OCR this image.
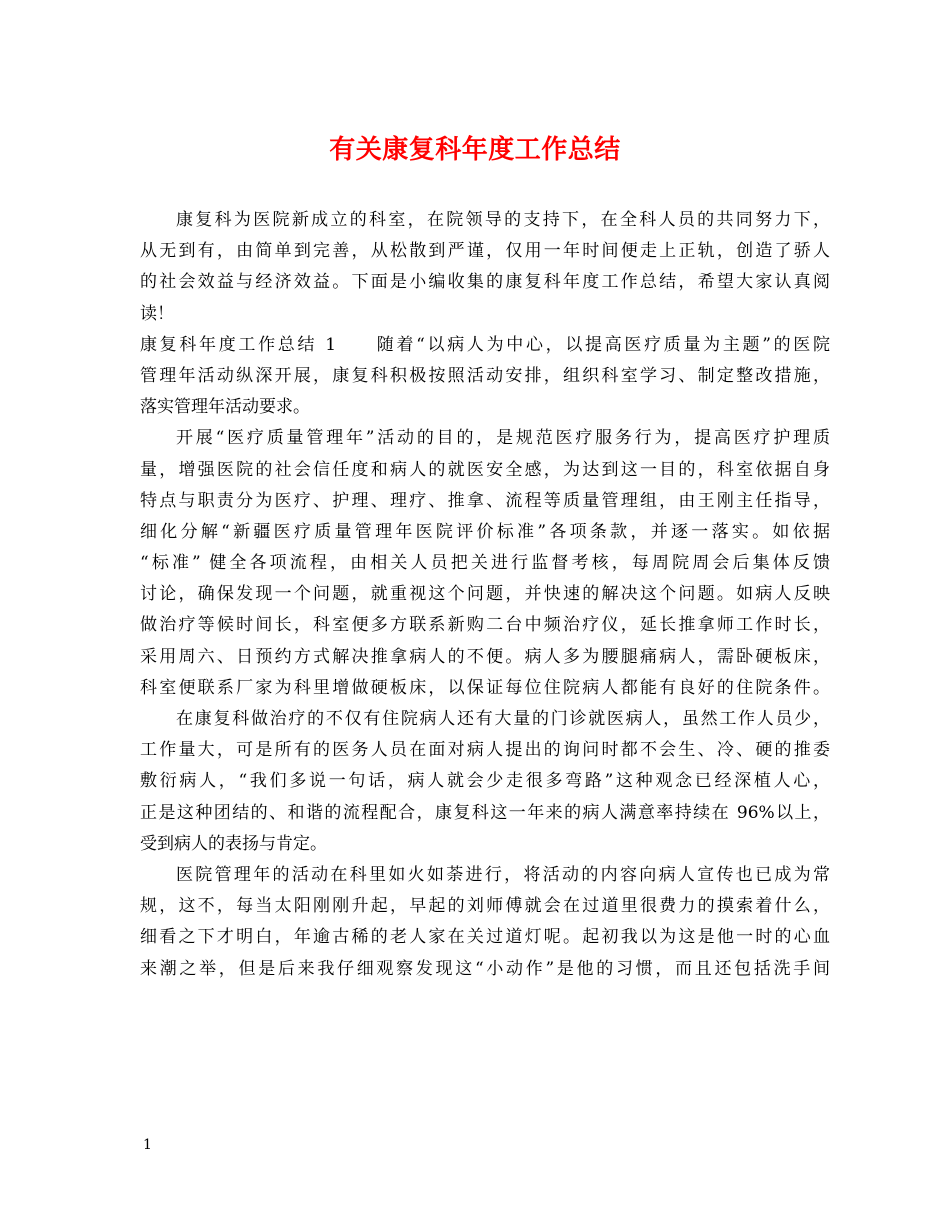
有关康复科年度工作总结
康复科为医院新成立的科室，在院领导的支持下，在全科人员的共同努力下，
从无到有，由简单到完善，从松散到严谨，仅用一年时间便走上正轨，创造了骄人
的社会效益与经济效益。下面是小编收集的康复科年度工作总结，希望大家认真阅
读！
康复科年度工作总结 1 随着“以病人为中心，以提高医疗质量为主题”的医院
管理年活动纵深开展，康复科积极按照活动安排，组织科室学习、制定整改措施，
落实管理年活动要求。
开展“医疗质量管理年”活动的目的，是规范医疗服务行为，提高医疗护理质
量，增强医院的社会信任度和病人的就医安全感，为达到这一目的，科室依据自身
特点与职责分为医疗、护理、理疗、推拿、流程等质量管理组，由王刚主任指导，
细化分解“新疆医疗质量管理年医院评价标准”各项条款，并逐一落实。如依据
“标准” 健全各项流程，由相关人员把关进行监督考核，每周院周会后集体反馈
讨论，确保发现一个问题，就重视这个问题，并快速的解决这个问题。如病人反映
做治疗等候时间长，科室便多方联系新购二台中频治疗仪，延长推拿师工作时长，
采用周六、日预约方式解决推拿病人的不便。病人多为腰腿痛病人，需卧硬板床，
科室便联系厂家为科里增做硬板床，以保证每位住院病人都能有良好的住院条件。
在康复科做治疗的不仅有住院病人还有大量的门诊就医病人，虽然工作人员少，
工作量大，可是所有的医务人员在面对病人提出的询问时都不会生、冷、硬的推委
敷衍病人，“我们多说一句话，病人就会少走很多弯路”这种观念已经深植人心，
正是这种团结的、和谐的流程配合，康复科这一年来的病人满意率持续在 96%以上，
受到病人的表扬与肯定。
医院管理年的活动在科里如火如荼进行，将活动的内容向病人宣传也已成为常
规，这不，每当太阳刚刚升起，早起的刘师傅就会在过道里很费力的摸索着什么，
细看之下才明白，年逾古稀的老人家在关过道灯呢。起初我以为这是他一时的心血
来潮之举，但是后来我仔细观察发现这“小动作”是他的习惯，而且还包括洗手间
1
